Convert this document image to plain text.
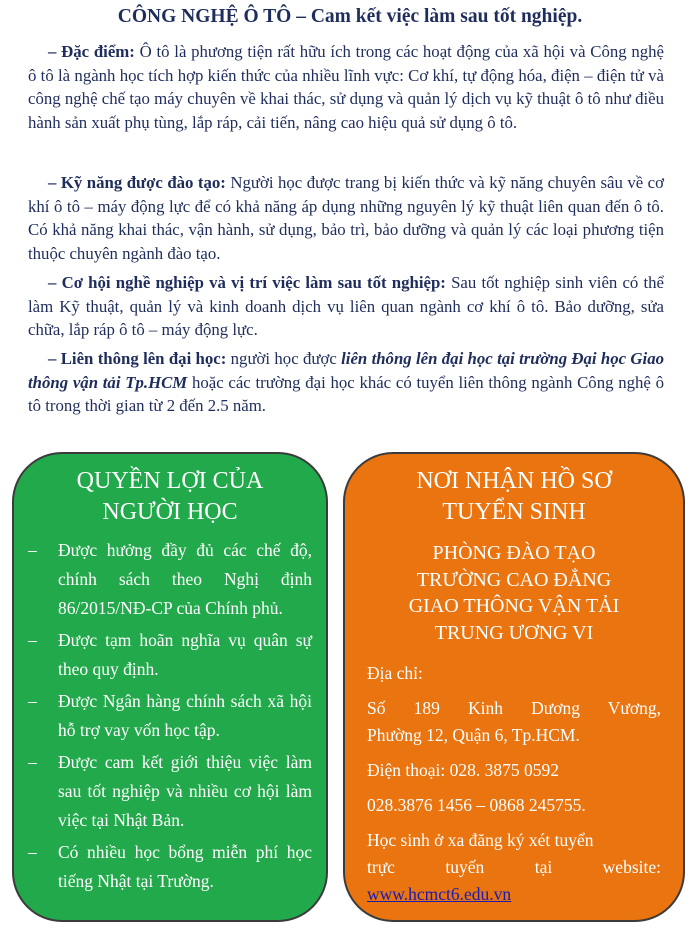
CÔNG NGHỆ Ô TÔ – Cam kết việc làm sau tốt nghiệp.

– Đặc điểm: Ô tô là phương tiện rất hữu ích trong các hoạt động của xã hội và Công nghệ ô tô là ngành học tích hợp kiến thức của nhiều lĩnh vực: Cơ khí, tự động hóa, điện – điện tử và công nghệ chế tạo máy chuyên về khai thác, sử dụng và quản lý dịch vụ kỹ thuật ô tô như điều hành sản xuất phụ tùng, lắp ráp, cải tiến, nâng cao hiệu quả sử dụng ô tô.

– Kỹ năng được đào tạo: Người học được trang bị kiến thức và kỹ năng chuyên sâu về cơ khí ô tô – máy động lực để có khả năng áp dụng những nguyên lý kỹ thuật liên quan đến ô tô. Có khả năng khai thác, vận hành, sử dụng, bảo trì, bảo dưỡng và quản lý các loại phương tiện thuộc chuyên ngành đào tạo.

– Cơ hội nghề nghiệp và vị trí việc làm sau tốt nghiệp: Sau tốt nghiệp sinh viên có thể làm Kỹ thuật, quản lý và kinh doanh dịch vụ liên quan ngành cơ khí ô tô. Bảo dưỡng, sửa chữa, lắp ráp ô tô – máy động lực.

– Liên thông lên đại học: người học được liên thông lên đại học tại trường Đại học Giao thông vận tải Tp.HCM hoặc các trường đại học khác có tuyển liên thông ngành Công nghệ ô tô trong thời gian từ 2 đến 2.5 năm.

QUYỀN LỢI CỦA
NGƯỜI HỌC
– Được hưởng đầy đủ các chế độ, chính sách theo Nghị định 86/2015/NĐ-CP của Chính phủ.
– Được tạm hoãn nghĩa vụ quân sự theo quy định.
– Được Ngân hàng chính sách xã hội hỗ trợ vay vốn học tập.
– Được cam kết giới thiệu việc làm sau tốt nghiệp và nhiều cơ hội làm việc tại Nhật Bản.
– Có nhiều học bổng miễn phí học tiếng Nhật tại Trường.
NƠI NHẬN HỒ SƠ
TUYỂN SINH
PHÒNG ĐÀO TẠO
TRƯỜNG CAO ĐẲNG
GIAO THÔNG VẬN TẢI
TRUNG ƯƠNG VI
Địa chỉ:
Số 189 Kinh Dương Vương,
Phường 12, Quận 6, Tp.HCM.
Điện thoại: 028. 3875 0592
028.3876 1456 – 0868 245755.
Học sinh ở xa đăng ký xét tuyển
trực tuyến tại website:
www.hcmct6.edu.vn
